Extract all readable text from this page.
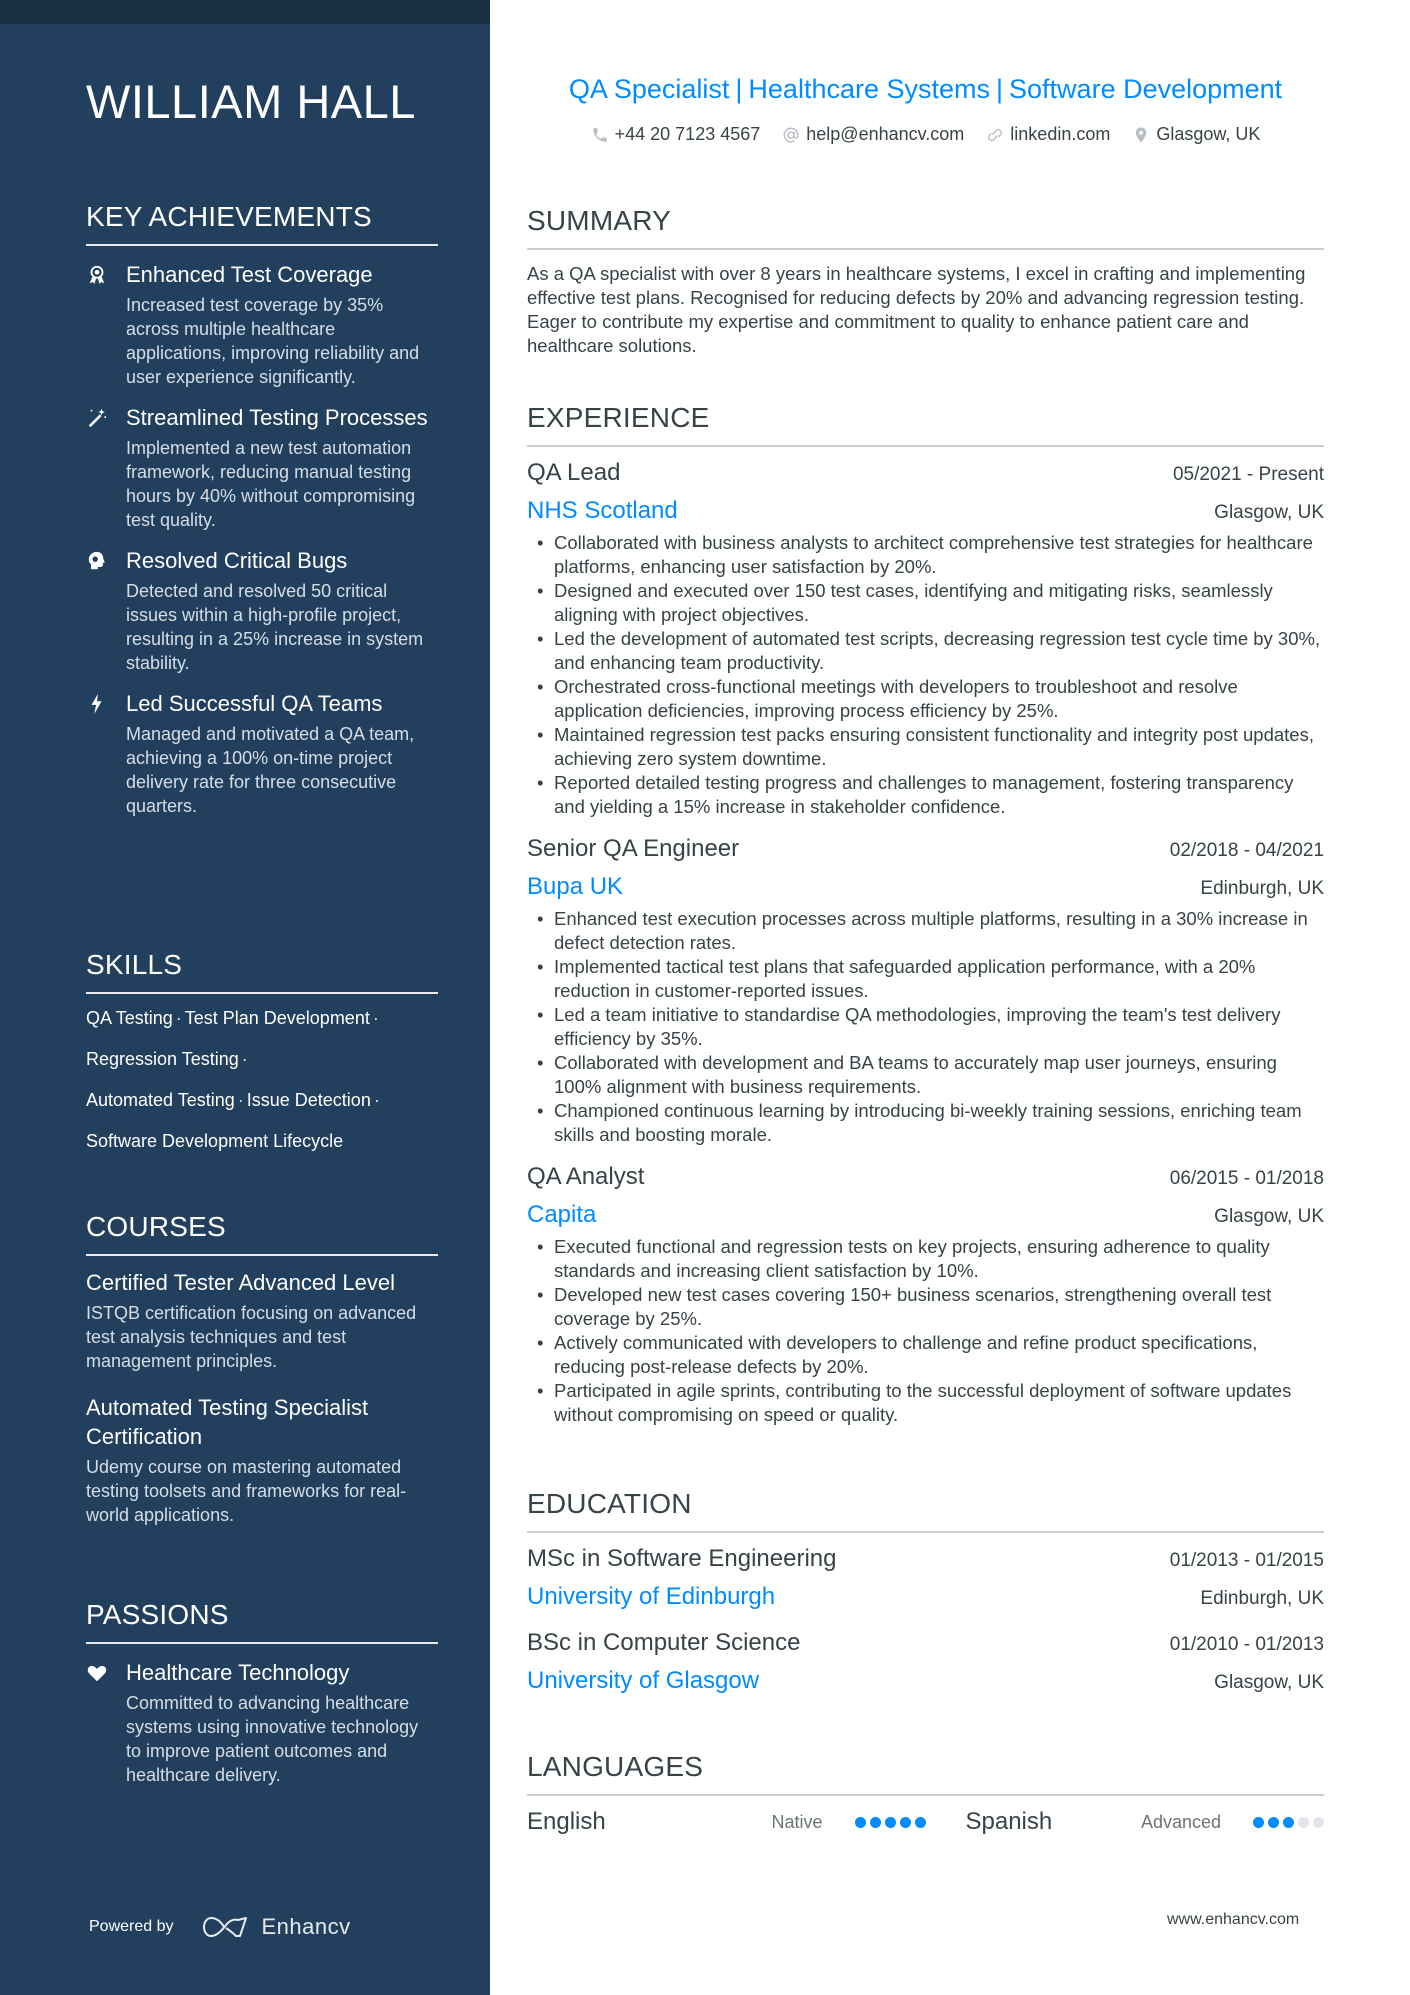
WILLIAM HALL
KEY ACHIEVEMENTS
Enhanced Test Coverage
Increased test coverage by 35% across multiple healthcare applications, improving reliability and user experience significantly.
Streamlined Testing Processes
Implemented a new test automation framework, reducing manual testing hours by 40% without compromising test quality.
Resolved Critical Bugs
Detected and resolved 50 critical issues within a high-profile project, resulting in a 25% increase in system stability.
Led Successful QA Teams
Managed and motivated a QA team, achieving a 100% on-time project delivery rate for three consecutive quarters.
SKILLS
QA Testing · Test Plan Development ·
Regression Testing ·
Automated Testing · Issue Detection ·
Software Development Lifecycle
COURSES
Certified Tester Advanced Level
ISTQB certification focusing on advanced test analysis techniques and test management principles.
Automated Testing Specialist Certification
Udemy course on mastering automated testing toolsets and frameworks for real-world applications.
PASSIONS
Healthcare Technology
Committed to advancing healthcare systems using innovative technology to improve patient outcomes and healthcare delivery.
Powered by	Enhancv
QA Specialist | Healthcare Systems | Software Development
+44 20 7123 4567	help@enhancv.com	linkedin.com	Glasgow, UK
SUMMARY

As a QA specialist with over 8 years in healthcare systems, I excel in crafting and implementing effective test plans. Recognised for reducing defects by 20% and advancing regression testing. Eager to contribute my expertise and commitment to quality to enhance patient care and healthcare solutions.

EXPERIENCE
QA Lead	05/2021 - Present
NHS Scotland	Glasgow, UK
• Collaborated with business analysts to architect comprehensive test strategies for healthcare platforms, enhancing user satisfaction by 20%.
• Designed and executed over 150 test cases, identifying and mitigating risks, seamlessly aligning with project objectives.
• Led the development of automated test scripts, decreasing regression test cycle time by 30%, and enhancing team productivity.
• Orchestrated cross-functional meetings with developers to troubleshoot and resolve application deficiencies, improving process efficiency by 25%.
• Maintained regression test packs ensuring consistent functionality and integrity post updates, achieving zero system downtime.
• Reported detailed testing progress and challenges to management, fostering transparency and yielding a 15% increase in stakeholder confidence.
Senior QA Engineer	02/2018 - 04/2021
Bupa UK	Edinburgh, UK
• Enhanced test execution processes across multiple platforms, resulting in a 30% increase in defect detection rates.
• Implemented tactical test plans that safeguarded application performance, with a 20% reduction in customer-reported issues.
• Led a team initiative to standardise QA methodologies, improving the team's test delivery efficiency by 35%.
• Collaborated with development and BA teams to accurately map user journeys, ensuring 100% alignment with business requirements.
• Championed continuous learning by introducing bi-weekly training sessions, enriching team skills and boosting morale.
QA Analyst	06/2015 - 01/2018
Capita	Glasgow, UK
• Executed functional and regression tests on key projects, ensuring adherence to quality standards and increasing client satisfaction by 10%.
• Developed new test cases covering 150+ business scenarios, strengthening overall test coverage by 25%.
• Actively communicated with developers to challenge and refine product specifications, reducing post-release defects by 20%.
• Participated in agile sprints, contributing to the successful deployment of software updates without compromising on speed or quality.
EDUCATION
MSc in Software Engineering	01/2013 - 01/2015
University of Edinburgh	Edinburgh, UK
BSc in Computer Science	01/2010 - 01/2013
University of Glasgow	Glasgow, UK
LANGUAGES
English	Native	Spanish	Advanced
www.enhancv.com
